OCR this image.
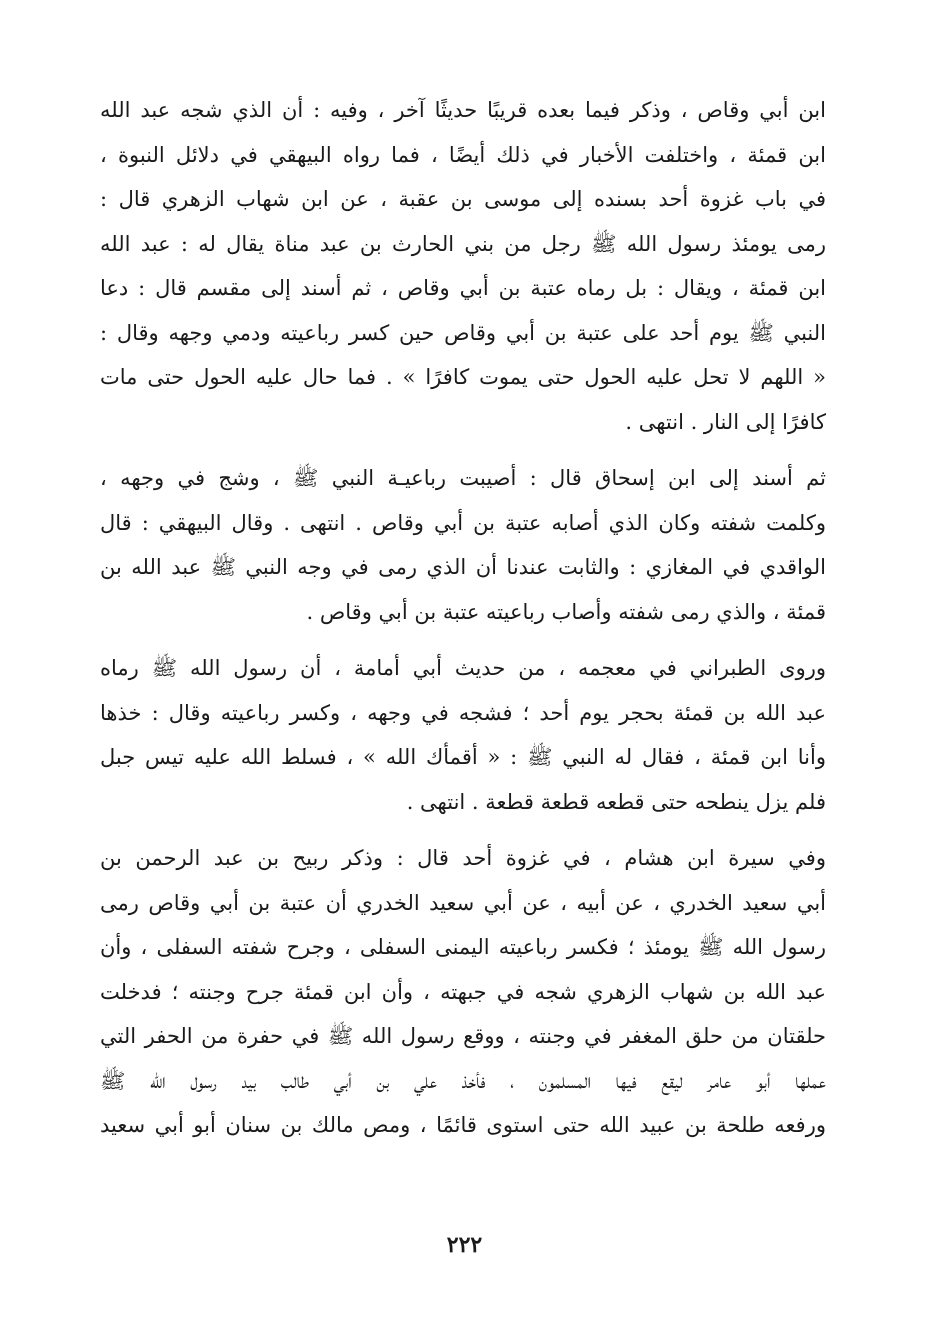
ابن أبي وقاص ، وذكر فيما بعده قريبًا حديثًا آخر ، وفيه : أن الذي شجه عبد الله
ابن قمئة ، واختلفت الأخبار في ذلك أيضًا ، فما رواه البيهقي في دلائل النبوة ،
في باب غزوة أحد بسنده إلى موسى بن عقبة ، عن ابن شهاب الزهري قال :
رمى يومئذ رسول الله ﷺ رجل من بني الحارث بن عبد مناة يقال له : عبد الله
ابن قمئة ، ويقال : بل رماه عتبة بن أبي وقاص ، ثم أسند إلى مقسم قال : دعا
النبي ﷺ يوم أحد على عتبة بن أبي وقاص حين كسر رباعيته ودمي وجهه وقال :
« اللهم لا تحل عليه الحول حتى يموت كافرًا » . فما حال عليه الحول حتى مات
كافرًا إلى النار . انتهى .
ثم أسند إلى ابن إسحاق قال : أصيبت رباعيـة النبي ﷺ ، وشج في وجهه ،
وكلمت شفته وكان الذي أصابه عتبة بن أبي وقاص . انتهى . وقال البيهقي : قال
الواقدي في المغازي : والثابت عندنا أن الذي رمى في وجه النبي ﷺ عبد الله بن
قمئة ، والذي رمى شفته وأصاب رباعيته عتبة بن أبي وقاص .
وروى الطبراني في معجمه ، من حديث أبي أمامة ، أن رسول الله ﷺ رماه
عبد الله بن قمئة بحجر يوم أحد ؛ فشجه في وجهه ، وكسر رباعيته وقال : خذها
وأنا ابن قمئة ، فقال له النبي ﷺ : « أقمأك الله » ، فسلط الله عليه تيس جبل
فلم يزل ينطحه حتى قطعه قطعة قطعة . انتهى .
وفي سيرة ابن هشام ، في غزوة أحد قال : وذكر ربيح بن عبد الرحمن بن
أبي سعيد الخدري ، عن أبيه ، عن أبي سعيد الخدري أن عتبة بن أبي وقاص رمى
رسول الله ﷺ يومئذ ؛ فكسر رباعيته اليمنى السفلى ، وجرح شفته السفلى ، وأن
عبد الله بن شهاب الزهري شجه في جبهته ، وأن ابن قمئة جرح وجنته ؛ فدخلت
حلقتان من حلق المغفر في وجنته ، ووقع رسول الله ﷺ في حفرة من الحفر التي
عملها أبو عامر ليقع فيها المسلمون ، فأخذ علي بن أبي طالب بيد رسول الله ﷺ
ورفعه طلحة بن عبيد الله حتى استوى قائمًا ، ومص مالك بن سنان أبو أبي سعيد
٢٢٢
